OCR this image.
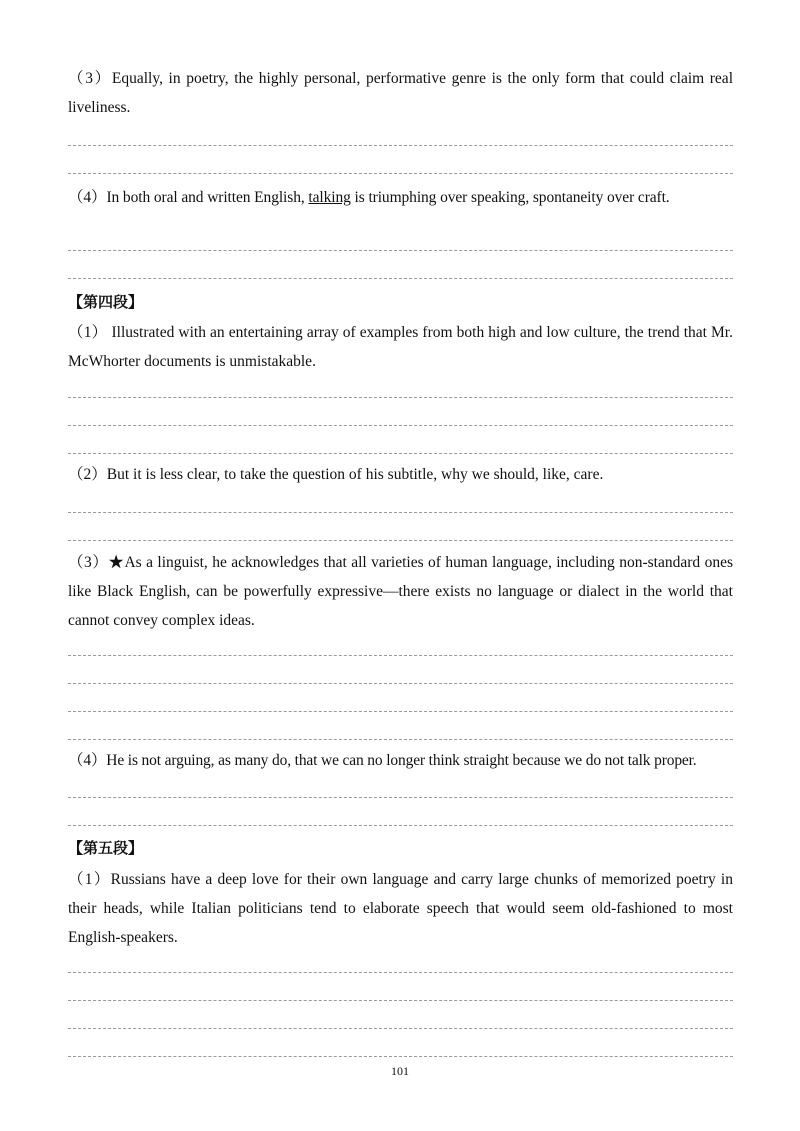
（3）Equally, in poetry, the highly personal, performative genre is the only form that could claim real liveliness.

（4）In both oral and written English, talking is triumphing over speaking, spontaneity over craft.

【第四段】

（1） Illustrated with an entertaining array of examples from both high and low culture, the trend that Mr. McWhorter documents is unmistakable.

（2）But it is less clear, to take the question of his subtitle, why we should, like, care.

（3）★As a linguist, he acknowledges that all varieties of human language, including non-standard ones like Black English, can be powerfully expressive—there exists no language or dialect in the world that cannot convey complex ideas.

（4）He is not arguing, as many do, that we can no longer think straight because we do not talk proper.

【第五段】

（1）Russians have a deep love for their own language and carry large chunks of memorized poetry in their heads, while Italian politicians tend to elaborate speech that would seem old-fashioned to most English-speakers.

101
